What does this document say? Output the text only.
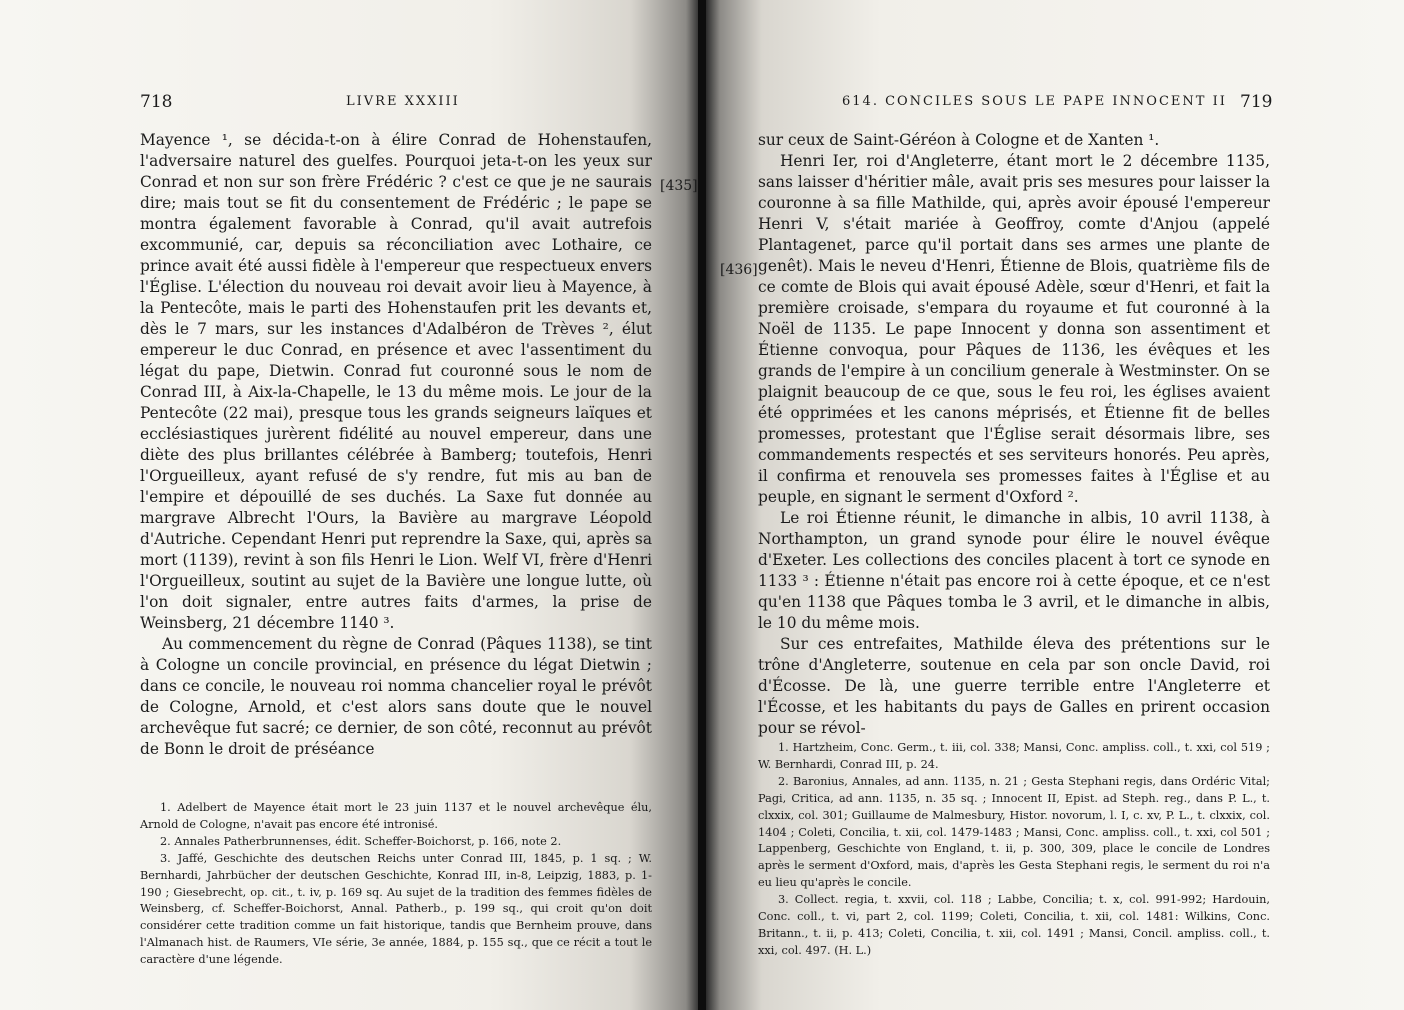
718	LIVRE XXXIII
[435]

Mayence ¹, se décida-t-on à élire Conrad de Hohenstaufen, l'adversaire naturel des guelfes. Pourquoi jeta-t-on les yeux sur Conrad et non sur son frère Frédéric ? c'est ce que je ne saurais dire; mais tout se fit du consentement de Frédéric ; le pape se montra également favorable à Conrad, qu'il avait autrefois excommunié, car, depuis sa réconciliation avec Lothaire, ce prince avait été aussi fidèle à l'empereur que respectueux envers l'Église. L'élection du nouveau roi devait avoir lieu à Mayence, à la Pentecôte, mais le parti des Hohenstaufen prit les devants et, dès le 7 mars, sur les instances d'Adalbéron de Trèves ², élut empereur le duc Conrad, en présence et avec l'assentiment du légat du pape, Dietwin. Conrad fut couronné sous le nom de Conrad III, à Aix-la-Chapelle, le 13 du même mois. Le jour de la Pentecôte (22 mai), presque tous les grands seigneurs laïques et ecclésiastiques jurèrent fidélité au nouvel empereur, dans une diète des plus brillantes célébrée à Bamberg; toutefois, Henri l'Orgueilleux, ayant refusé de s'y rendre, fut mis au ban de l'empire et dépouillé de ses duchés. La Saxe fut donnée au margrave Albrecht l'Ours, la Bavière au margrave Léopold d'Autriche. Cependant Henri put reprendre la Saxe, qui, après sa mort (1139), revint à son fils Henri le Lion. Welf VI, frère d'Henri l'Orgueilleux, soutint au sujet de la Bavière une longue lutte, où l'on doit signaler, entre autres faits d'armes, la prise de Weinsberg, 21 décembre 1140 ³.

Au commencement du règne de Conrad (Pâques 1138), se tint à Cologne un concile provincial, en présence du légat Dietwin ; dans ce concile, le nouveau roi nomma chancelier royal le prévôt de Cologne, Arnold, et c'est alors sans doute que le nouvel archevêque fut sacré; ce dernier, de son côté, reconnut au prévôt de Bonn le droit de préséance

1. Adelbert de Mayence était mort le 23 juin 1137 et le nouvel archevêque élu, Arnold de Cologne, n'avait pas encore été intronisé.

2. Annales Patherbrunnenses, édit. Scheffer-Boichorst, p. 166, note 2.

3. Jaffé, Geschichte des deutschen Reichs unter Conrad III, 1845, p. 1 sq. ; W. Bernhardi, Jahrbücher der deutschen Geschichte, Konrad III, in-8, Leipzig, 1883, p. 1-190 ; Giesebrecht, op. cit., t. iv, p. 169 sq. Au sujet de la tradition des femmes fidèles de Weinsberg, cf. Scheffer-Boichorst, Annal. Patherb., p. 199 sq., qui croit qu'on doit considérer cette tradition comme un fait historique, tandis que Bernheim prouve, dans l'Almanach hist. de Raumers, VIe série, 3e année, 1884, p. 155 sq., que ce récit a tout le caractère d'une légende.

614. CONCILES SOUS LE PAPE INNOCENT II 719
[436]

sur ceux de Saint-Géréon à Cologne et de Xanten ¹.

Henri Ier, roi d'Angleterre, étant mort le 2 décembre 1135, sans laisser d'héritier mâle, avait pris ses mesures pour laisser la couronne à sa fille Mathilde, qui, après avoir épousé l'empereur Henri V, s'était mariée à Geoffroy, comte d'Anjou (appelé Plantagenet, parce qu'il portait dans ses armes une plante de genêt). Mais le neveu d'Henri, Étienne de Blois, quatrième fils de ce comte de Blois qui avait épousé Adèle, sœur d'Henri, et fait la première croisade, s'empara du royaume et fut couronné à la Noël de 1135. Le pape Innocent y donna son assentiment et Étienne convoqua, pour Pâques de 1136, les évêques et les grands de l'empire à un concilium generale à Westminster. On se plaignit beaucoup de ce que, sous le feu roi, les églises avaient été opprimées et les canons méprisés, et Étienne fit de belles promesses, protestant que l'Église serait désormais libre, ses commandements respectés et ses serviteurs honorés. Peu après, il confirma et renouvela ses promesses faites à l'Église et au peuple, en signant le serment d'Oxford ².

Le roi Étienne réunit, le dimanche in albis, 10 avril 1138, à Northampton, un grand synode pour élire le nouvel évêque d'Exeter. Les collections des conciles placent à tort ce synode en 1133 ³ : Étienne n'était pas encore roi à cette époque, et ce n'est qu'en 1138 que Pâques tomba le 3 avril, et le dimanche in albis, le 10 du même mois.

Sur ces entrefaites, Mathilde éleva des prétentions sur le trône d'Angleterre, soutenue en cela par son oncle David, roi d'Écosse. De là, une guerre terrible entre l'Angleterre et l'Écosse, et les habitants du pays de Galles en prirent occasion pour se révol-

1. Hartzheim, Conc. Germ., t. iii, col. 338; Mansi, Conc. ampliss. coll., t. xxi, col 519 ; W. Bernhardi, Conrad III, p. 24.

2. Baronius, Annales, ad ann. 1135, n. 21 ; Gesta Stephani regis, dans Ordéric Vital; Pagi, Critica, ad ann. 1135, n. 35 sq. ; Innocent II, Epist. ad Steph. reg., dans P. L., t. clxxix, col. 301; Guillaume de Malmesbury, Histor. novorum, l. I, c. xv, P. L., t. clxxix, col. 1404 ; Coleti, Concilia, t. xii, col. 1479-1483 ; Mansi, Conc. ampliss. coll., t. xxi, col 501 ; Lappenberg, Geschichte von England, t. ii, p. 300, 309, place le concile de Londres après le serment d'Oxford, mais, d'après les Gesta Stephani regis, le serment du roi n'a eu lieu qu'après le concile.

3. Collect. regia, t. xxvii, col. 118 ; Labbe, Concilia; t. x, col. 991-992; Hardouin, Conc. coll., t. vi, part 2, col. 1199; Coleti, Concilia, t. xii, col. 1481: Wilkins, Conc. Britann., t. ii, p. 413; Coleti, Concilia, t. xii, col. 1491 ; Mansi, Concil. ampliss. coll., t. xxi, col. 497. (H. L.)
